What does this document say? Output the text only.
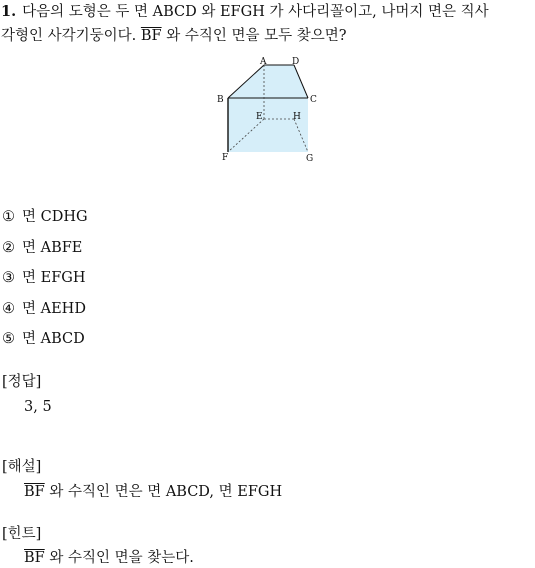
1. 다음의 도형은 두 면 ABCD 와 EFGH 가 사다리꼴이고, 나머지 면은 직사
각형인 사각기둥이다. $\overline{BF}$ 와 수직인 면을 모두 찾으면?
A	D
B	C
E	H
F	G
① 면 CDHG
② 면 ABFE
③ 면 EFGH
④ 면 AEHD
⑤ 면 ABCD
[정답]
3, 5
[해설]
$\overline{BF}$ 와 수직인 면은 면 ABCD, 면 EFGH
[힌트]
$\overline{BF}$ 와 수직인 면을 찾는다.
